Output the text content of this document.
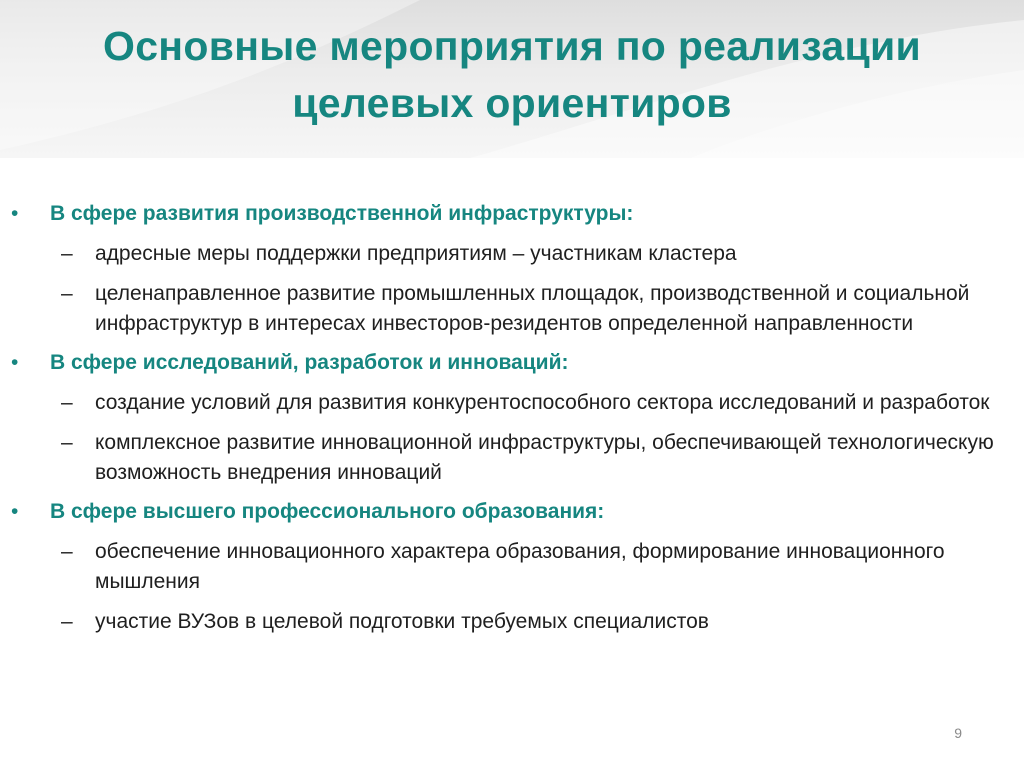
Основные мероприятия по реализации
целевых ориентиров
• В сфере развития производственной инфраструктуры:
– адресные меры поддержки предприятиям – участникам кластера
– целенаправленное развитие промышленных площадок, производственной и социальной инфраструктур в интересах инвесторов-резидентов определенной направленности
• В сфере исследований, разработок и инноваций:
– создание условий для развития конкурентоспособного сектора исследований и разработок
– комплексное развитие инновационной инфраструктуры, обеспечивающей технологическую возможность внедрения инноваций
• В сфере высшего профессионального образования:
– обеспечение инновационного характера образования, формирование инновационного мышления
– участие ВУЗов в целевой подготовки требуемых специалистов
9
